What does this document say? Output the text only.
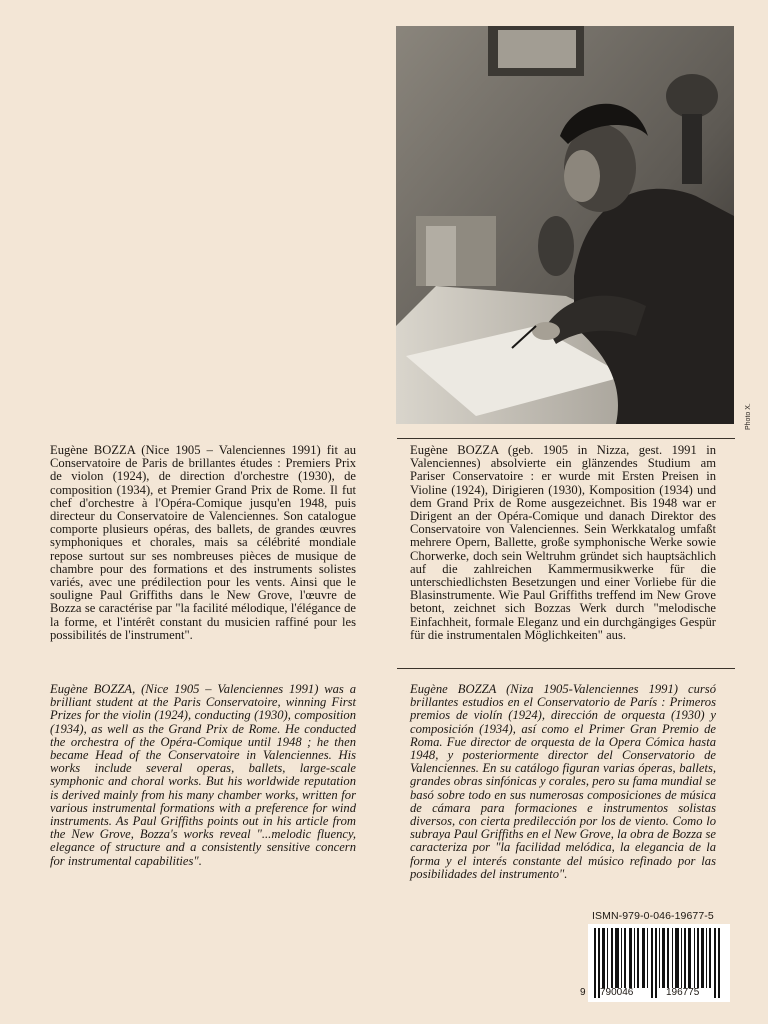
Photo X.

Eugène BOZZA (Nice 1905 – Valenciennes 1991) fit au Conservatoire de Paris de brillantes études : Premiers Prix de violon (1924), de direction d'orchestre (1930), de composition (1934), et Premier Grand Prix de Rome. Il fut chef d'orchestre à l'Opéra-Comique jusqu'en 1948, puis directeur du Conservatoire de Valenciennes. Son catalogue comporte plusieurs opéras, des ballets, de grandes œuvres symphoniques et chorales, mais sa célébrité mondiale repose surtout sur ses nombreuses pièces de musique de chambre pour des formations et des instruments solistes variés, avec une prédilection pour les vents. Ainsi que le souligne Paul Griffiths dans le New Grove, l'œuvre de Bozza se caractérise par "la facilité mélodique, l'élégance de la forme, et l'intérêt constant du musicien raffiné pour les possibilités de l'instrument".

Eugène BOZZA (geb. 1905 in Nizza, gest. 1991 in Valenciennes) absolvierte ein glänzendes Studium am Pariser Conservatoire : er wurde mit Ersten Preisen in Violine (1924), Dirigieren (1930), Komposition (1934) und dem Grand Prix de Rome ausgezeichnet. Bis 1948 war er Dirigent an der Opéra-Comique und danach Direktor des Conservatoire von Valenciennes. Sein Werkkatalog umfaßt mehrere Opern, Ballette, große symphonische Werke sowie Chorwerke, doch sein Weltruhm gründet sich hauptsächlich auf die zahlreichen Kammermusikwerke für die unterschiedlichsten Besetzungen und einer Vorliebe für die Blasinstrumente. Wie Paul Griffiths treffend im New Grove betont, zeichnet sich Bozzas Werk durch "melodische Einfachheit, formale Eleganz und ein durchgängiges Gespür für die instrumentalen Möglichkeiten" aus.

Eugène BOZZA, (Nice 1905 – Valenciennes 1991) was a brilliant student at the Paris Conservatoire, winning First Prizes for the violin (1924), conducting (1930), composition (1934), as well as the Grand Prix de Rome. He conducted the orchestra of the Opéra-Comique until 1948 ; he then became Head of the Conservatoire in Valenciennes. His works include several operas, ballets, large-scale symphonic and choral works. But his worldwide reputation is derived mainly from his many chamber works, written for various instrumental formations with a preference for wind instruments. As Paul Griffiths points out in his article from the New Grove, Bozza's works reveal "...melodic fluency, elegance of structure and a consistently sensitive concern for instrumental capabilities".

Eugène BOZZA (Niza 1905-Valenciennes 1991) cursó brillantes estudios en el Conservatorio de París : Primeros premios de violín (1924), dirección de orquesta (1930) y composición (1934), así como el Primer Gran Premio de Roma. Fue director de orquesta de la Opera Cómica hasta 1948, y posteriormente director del Conservatorio de Valenciennes. En su catálogo figuran varias óperas, ballets, grandes obras sinfónicas y corales, pero su fama mundial se basó sobre todo en sus numerosas composiciones de música de cámara para formaciones e instrumentos solistas diversos, con cierta predilección por los de viento. Como lo subraya Paul Griffiths en el New Grove, la obra de Bozza se caracteriza por "la facilidad melódica, la elegancia de la forma y el interés constante del músico refinado por las posibilidades del instrumento".

ISMN-979-0-046-19677-5
9 790046	196775
